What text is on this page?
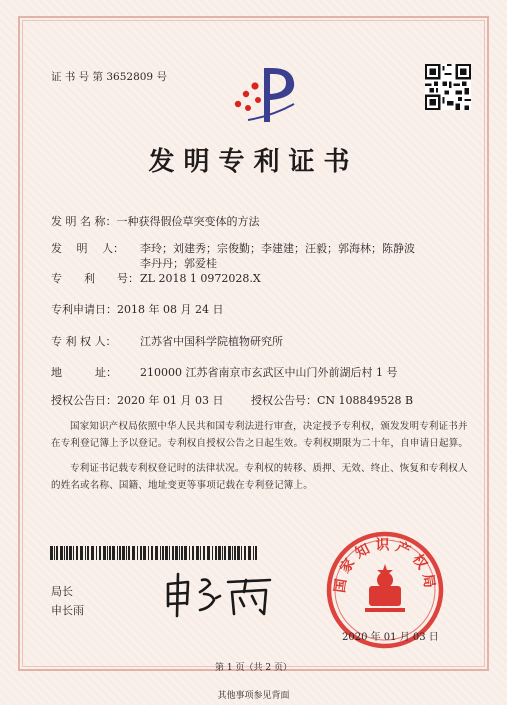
证 书 号 第 3652809 号
发明专利证书
发 明 名 称：一种获得假俭草突变体的方法
发　 明　 人： 李玲；刘建秀；宗俊勤；李建建；汪毅；郭海林；陈静波
李丹丹；郭爱桂
专　　利　　号：ZL 2018 1 0972028.X
专利申请日：2018 年 08 月 24 日
专 利 权 人： 江苏省中国科学院植物研究所
地　　　址： 210000 江苏省南京市玄武区中山门外前湖后村 1 号
授权公告日：2020 年 01 月 03 日	授权公告号：CN 108849528 B
国家知识产权局依照中华人民共和国专利法进行审查，决定授予专利权，颁发发明专利证书并在专利登记簿上予以登记。专利权自授权公告之日起生效。专利权期限为二十年，自申请日起算。
专利证书记载专利权登记时的法律状况。专利权的转移、质押、无效、终止、恢复和专利权人的姓名或名称、国籍、地址变更等事项记载在专利登记簿上。
局长
申长雨
国家知识产权局
2020 年 01 月 03 日
第 1 页（共 2 页）
其他事项参见背面
